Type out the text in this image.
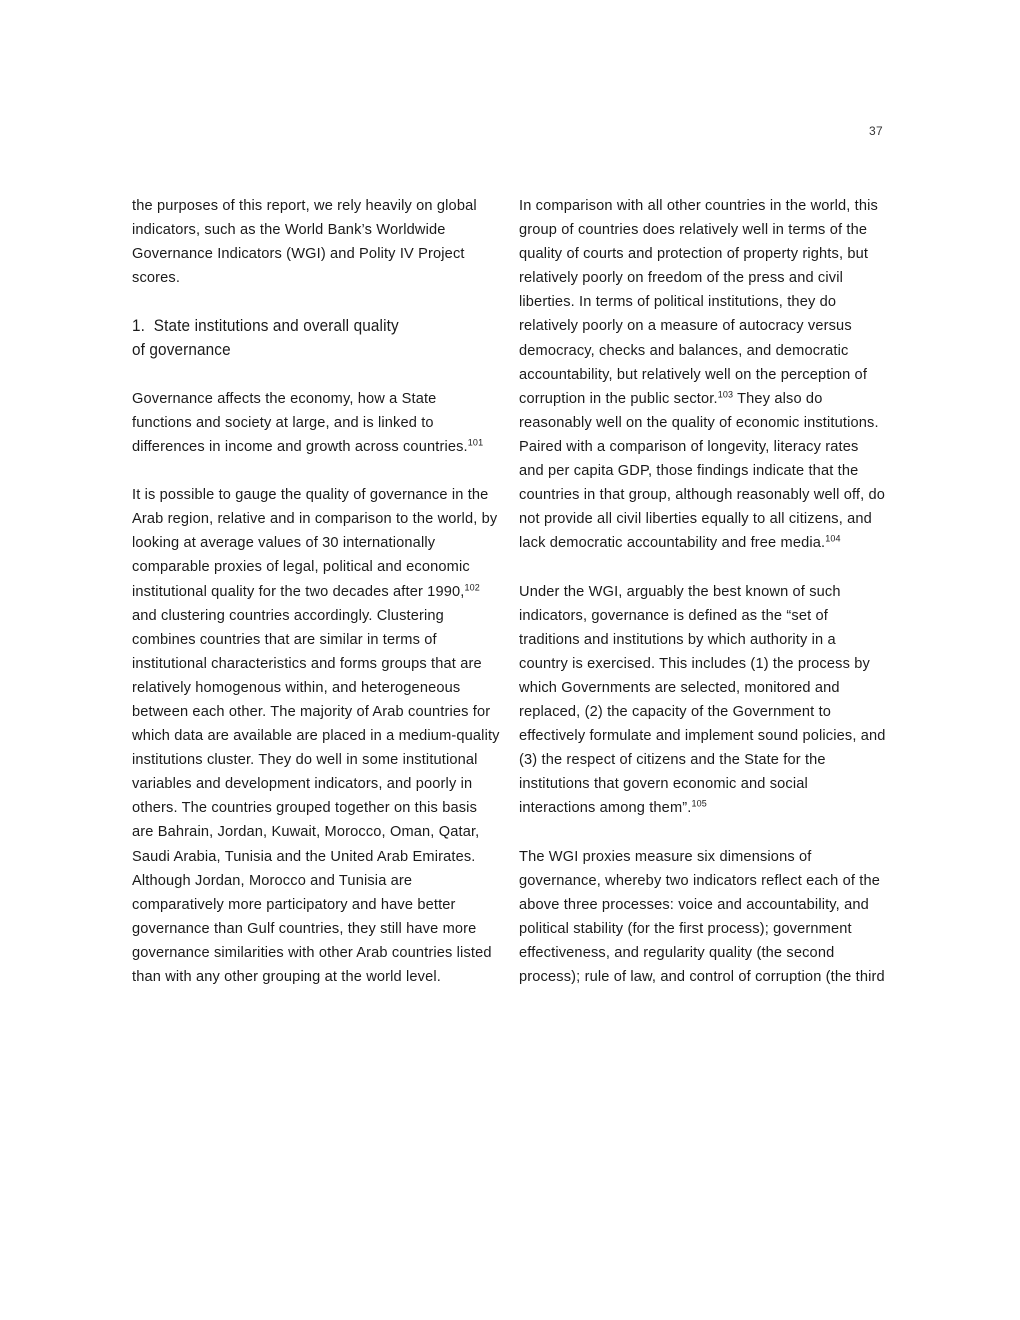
37

the purposes of this report, we rely heavily on global indicators, such as the World Bank’s Worldwide Governance Indicators (WGI) and Polity IV Project scores.

1.  State institutions and overall quality
of governance

Governance affects the economy, how a State functions and society at large, and is linked to differences in income and growth across countries.$^{101}$

It is possible to gauge the quality of governance in the Arab region, relative and in comparison to the world, by looking at average values of 30 internationally comparable proxies of legal, political and economic institutional quality for the two decades after 1990,$^{102}$ and clustering countries accordingly. Clustering combines countries that are similar in terms of institutional characteristics and forms groups that are relatively homogenous within, and heterogeneous between each other. The majority of Arab countries for which data are available are placed in a medium-quality institutions cluster. They do well in some institutional variables and development indicators, and poorly in others. The countries grouped together on this basis are Bahrain, Jordan, Kuwait, Morocco, Oman, Qatar, Saudi Arabia, Tunisia and the United Arab Emirates. Although Jordan, Morocco and Tunisia are comparatively more participatory and have better governance than Gulf countries, they still have more governance similarities with other Arab countries listed than with any other grouping at the world level.

In comparison with all other countries in the world, this group of countries does relatively well in terms of the quality of courts and protection of property rights, but relatively poorly on freedom of the press and civil liberties. In terms of political institutions, they do relatively poorly on a measure of autocracy versus democracy, checks and balances, and democratic accountability, but relatively well on the perception of corruption in the public sector.$^{103}$ They also do reasonably well on the quality of economic institutions. Paired with a comparison of longevity, literacy rates and per capita GDP, those findings indicate that the countries in that group, although reasonably well off, do not provide all civil liberties equally to all citizens, and lack democratic accountability and free media.$^{104}$

Under the WGI, arguably the best known of such indicators, governance is defined as the “set of traditions and institutions by which authority in a country is exercised. This includes (1) the process by which Governments are selected, monitored and replaced, (2) the capacity of the Government to effectively formulate and implement sound policies, and (3) the respect of citizens and the State for the institutions that govern economic and social interactions among them”.$^{105}$

The WGI proxies measure six dimensions of governance, whereby two indicators reflect each of the above three processes: voice and accountability, and political stability (for the first process); government effectiveness, and regularity quality (the second process); rule of law, and control of corruption (the third
